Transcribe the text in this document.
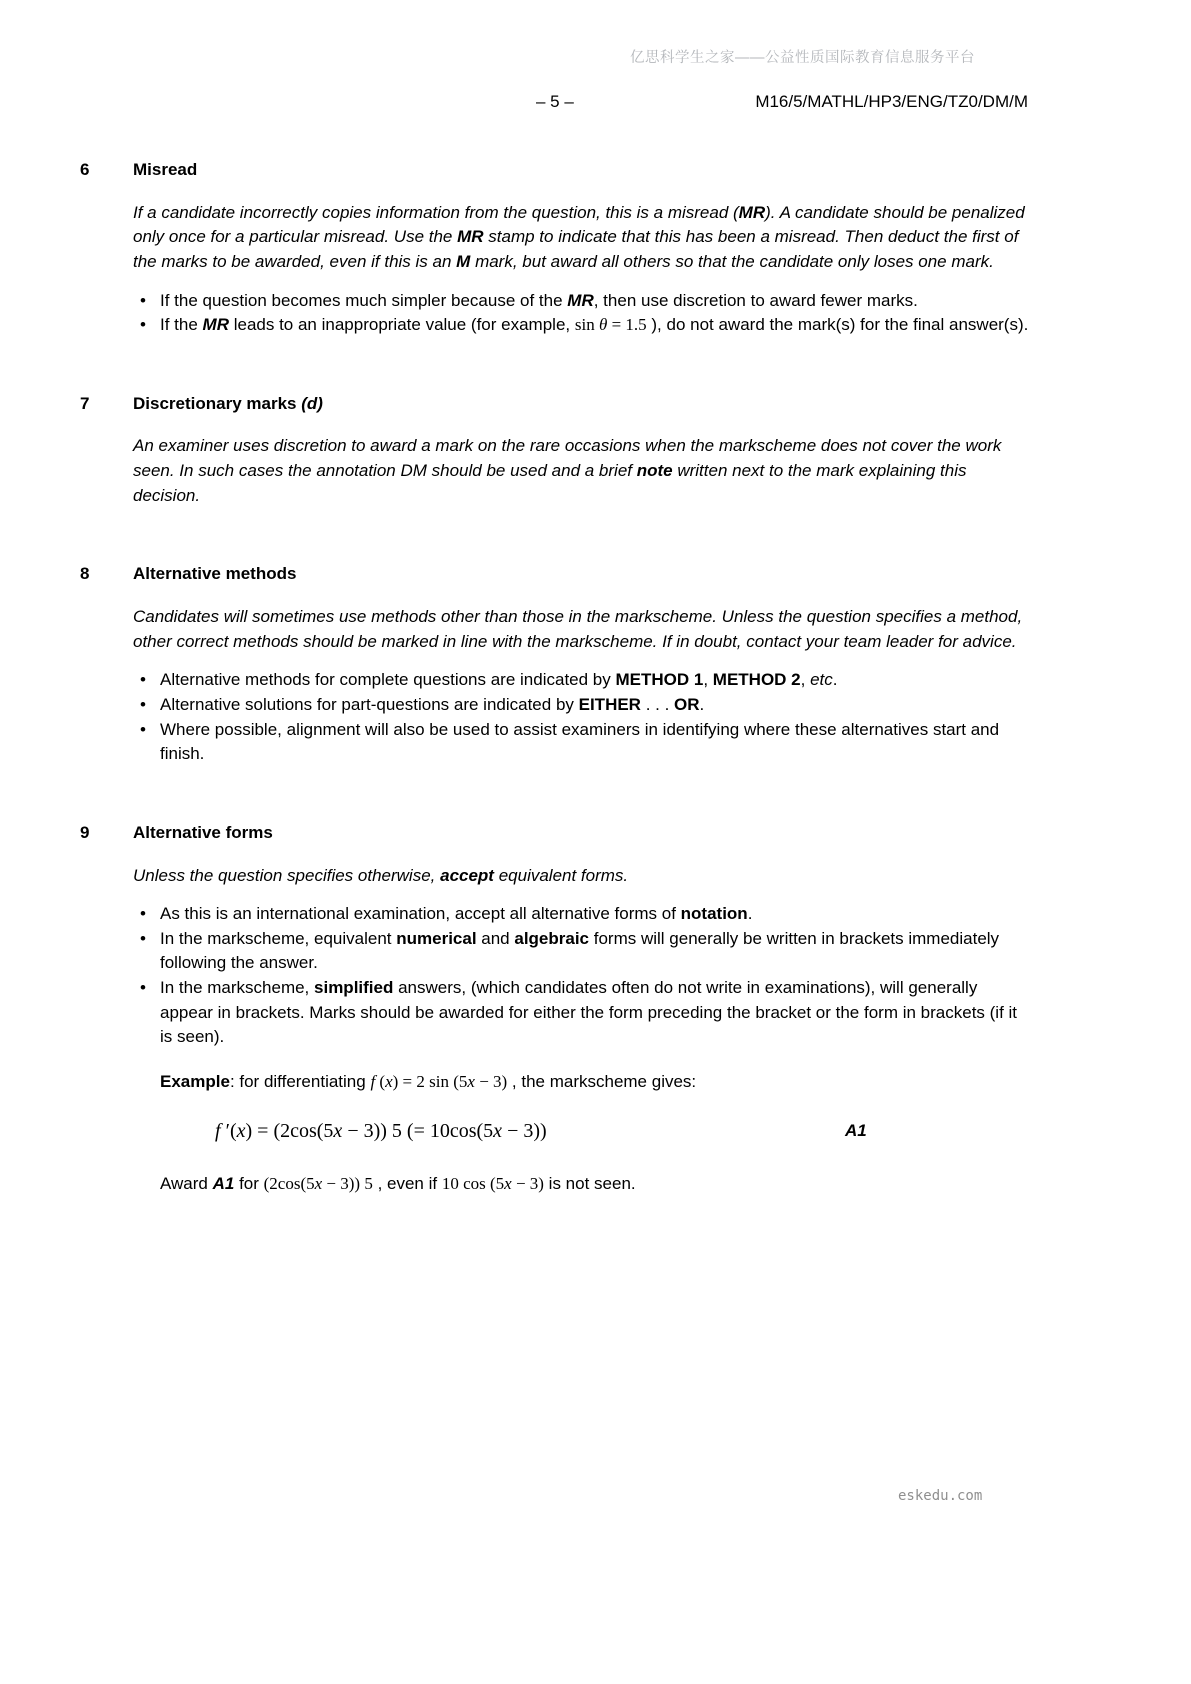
亿思科学生之家——公益性质国际教育信息服务平台
– 5 –	M16/5/MATHL/HP3/ENG/TZ0/DM/M
6	Misread

If a candidate incorrectly copies information from the question, this is a misread (MR). A candidate should be penalized only once for a particular misread. Use the MR stamp to indicate that this has been a misread. Then deduct the first of the marks to be awarded, even if this is an M mark, but award all others so that the candidate only loses one mark.

• If the question becomes much simpler because of the MR, then use discretion to award fewer marks.
• If the MR leads to an inappropriate value (for example, sin θ = 1.5 ), do not award the mark(s) for the final answer(s).
7	Discretionary marks (d)

An examiner uses discretion to award a mark on the rare occasions when the markscheme does not cover the work seen. In such cases the annotation DM should be used and a brief note written next to the mark explaining this decision.

8	Alternative methods

Candidates will sometimes use methods other than those in the markscheme. Unless the question specifies a method, other correct methods should be marked in line with the markscheme. If in doubt, contact your team leader for advice.

• Alternative methods for complete questions are indicated by METHOD 1, METHOD 2, etc.
• Alternative solutions for part-questions are indicated by EITHER . . . OR.
• Where possible, alignment will also be used to assist examiners in identifying where these alternatives start and finish.
9	Alternative forms

Unless the question specifies otherwise, accept equivalent forms.

• As this is an international examination, accept all alternative forms of notation.
• In the markscheme, equivalent numerical and algebraic forms will generally be written in brackets immediately following the answer.
• In the markscheme, simplified answers, (which candidates often do not write in examinations), will generally appear in brackets. Marks should be awarded for either the form preceding the bracket or the form in brackets (if it is seen).

Example: for differentiating f (x) = 2 sin (5x − 3) , the markscheme gives:

f ′(x) = (2cos(5x − 3)) 5 (= 10cos(5x − 3))	A1

Award A1 for (2cos(5x − 3)) 5 , even if 10 cos (5x − 3) is not seen.

eskedu.com
